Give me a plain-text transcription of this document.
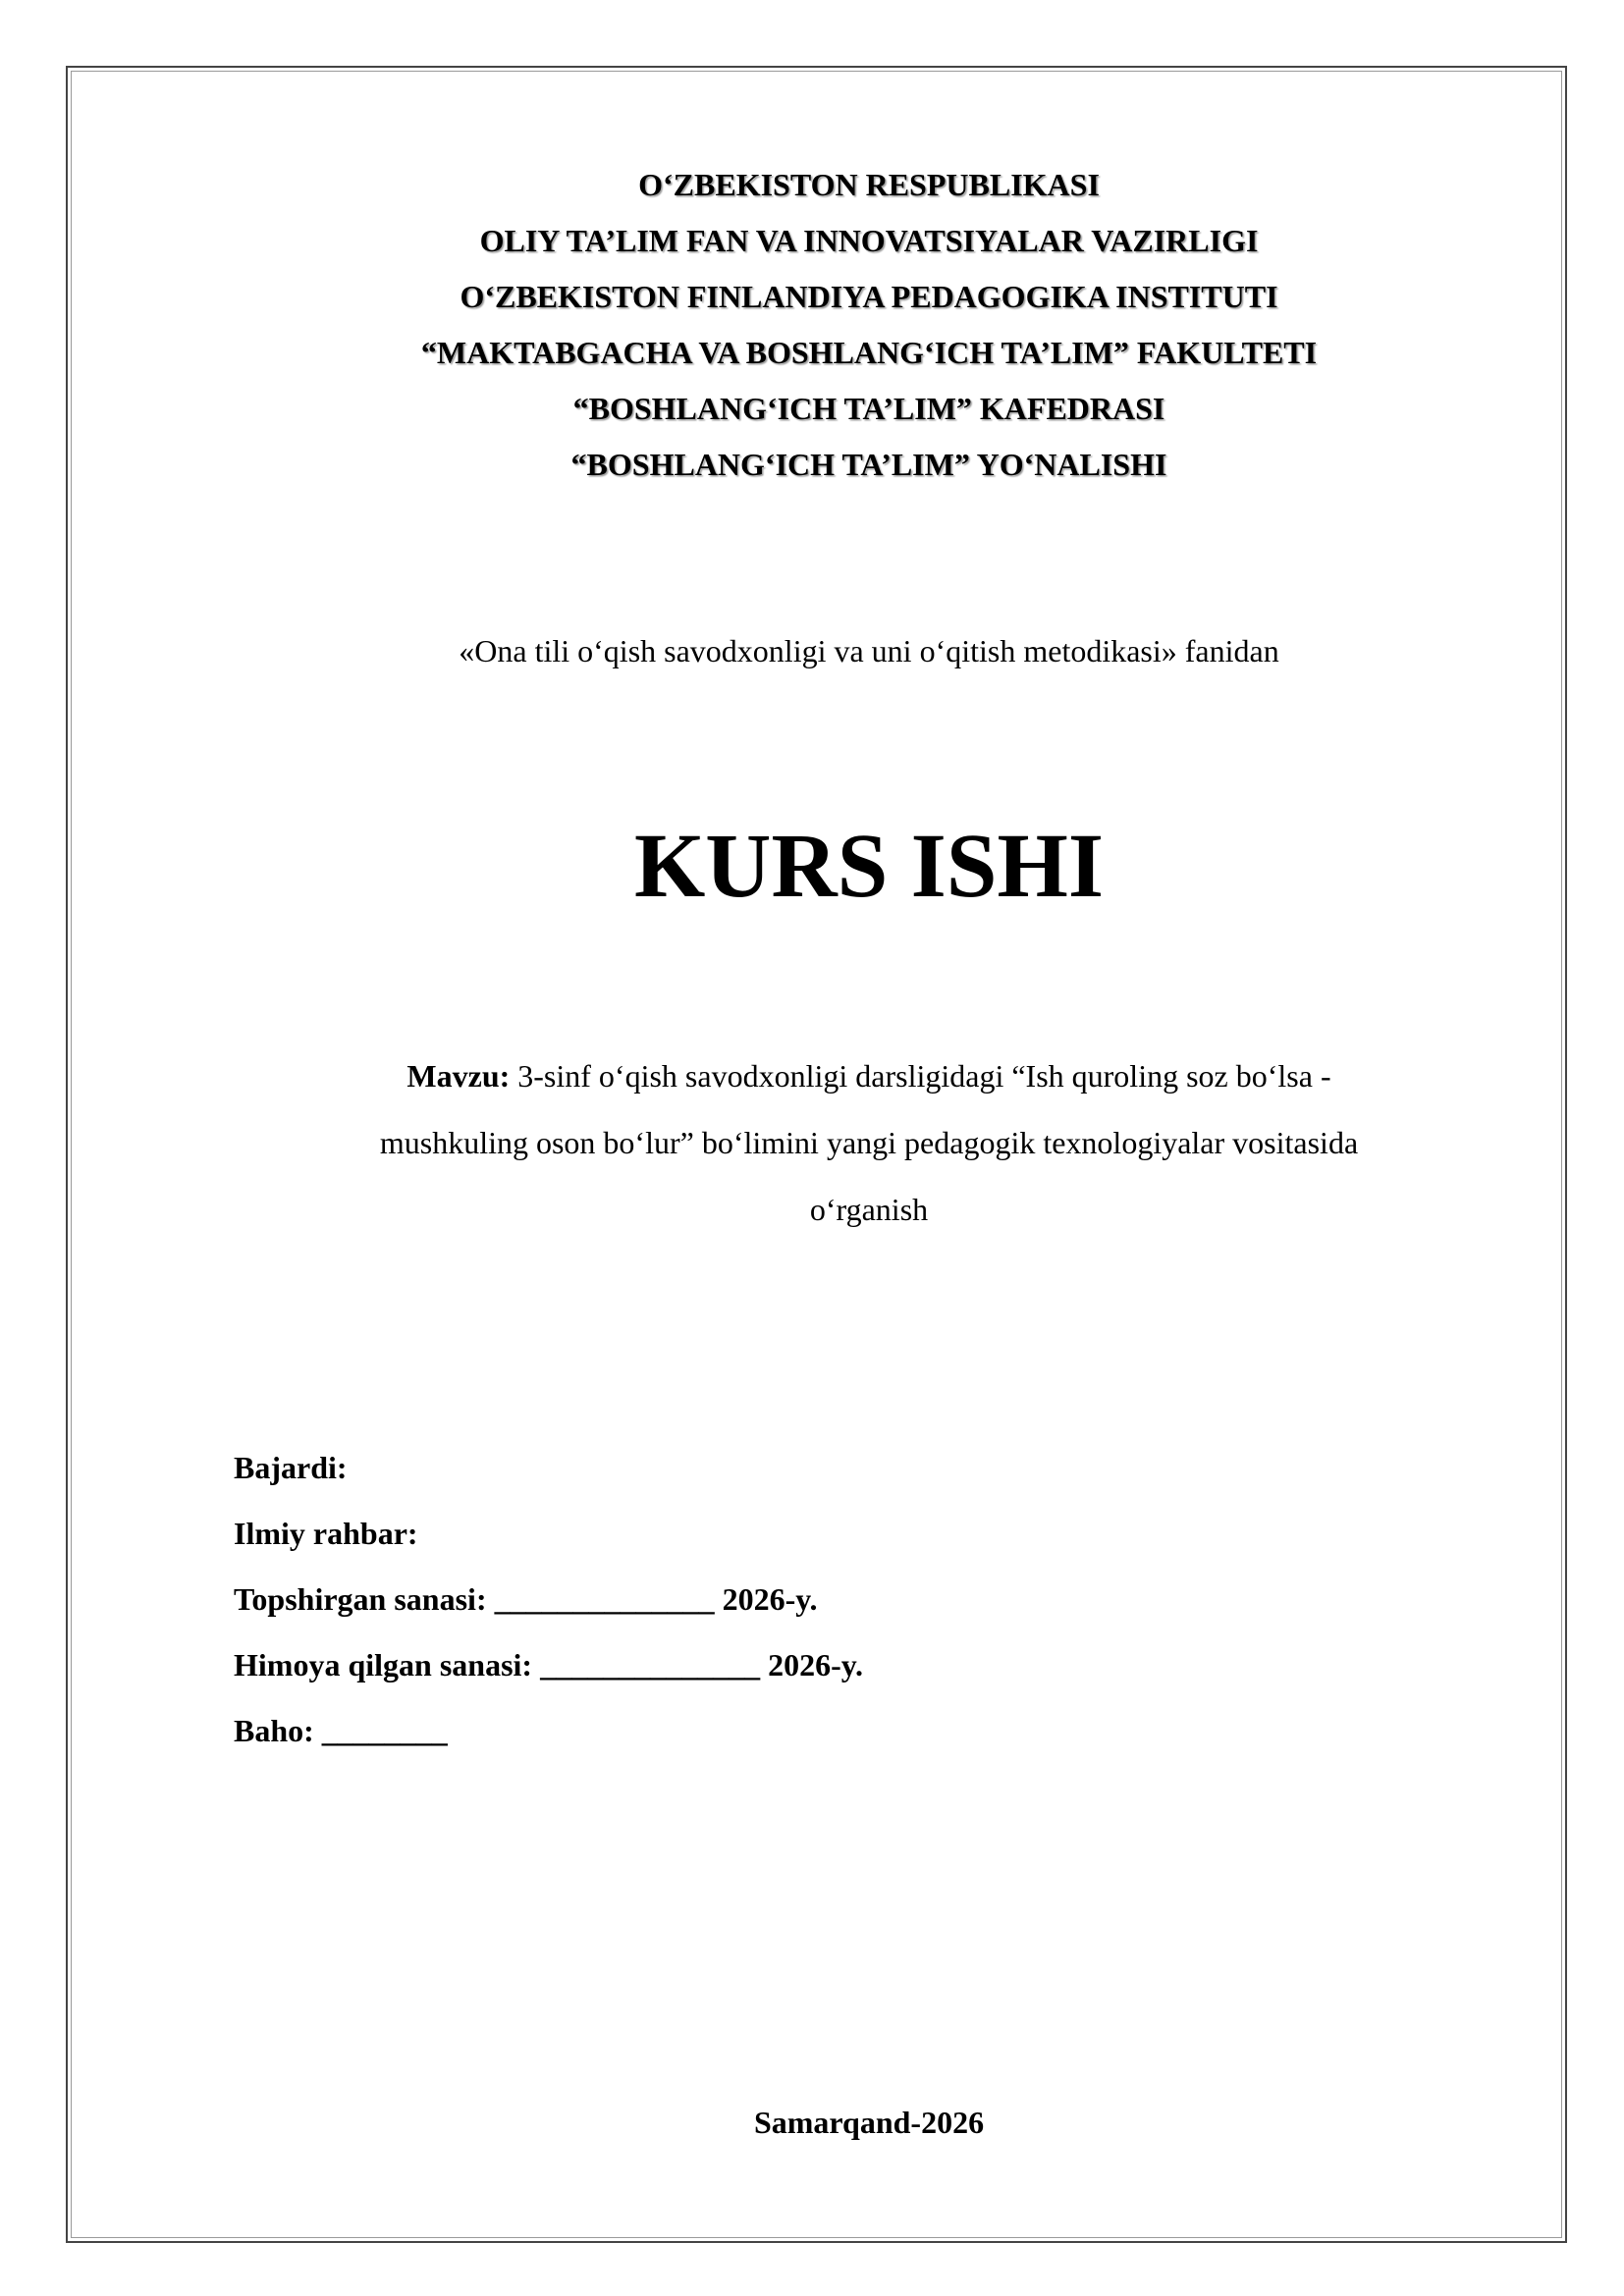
O‘ZBEKISTON RESPUBLIKASI
OLIY TA’LIM FAN VA INNOVATSIYALAR VAZIRLIGI
O‘ZBEKISTON FINLANDIYA PEDAGOGIKA INSTITUTI
“MAKTABGACHA VA BOSHLANG‘ICH TA’LIM” FAKULTETI
“BOSHLANG‘ICH TA’LIM” KAFEDRASI
“BOSHLANG‘ICH TA’LIM” YO‘NALISHI
«Ona tili o‘qish savodxonligi va uni o‘qitish metodikasi» fanidan
KURS ISHI
Mavzu: 3-sinf o‘qish savodxonligi darsligidagi “Ish quroling soz bo‘lsa -
mushkuling oson bo‘lur” bo‘limini yangi pedagogik texnologiyalar vositasida
o‘rganish
Bajardi:
Ilmiy rahbar:
Topshirgan sanasi: ______________ 2026-y.
Himoya qilgan sanasi: ______________ 2026-y.
Baho: ________
Samarqand-2026
